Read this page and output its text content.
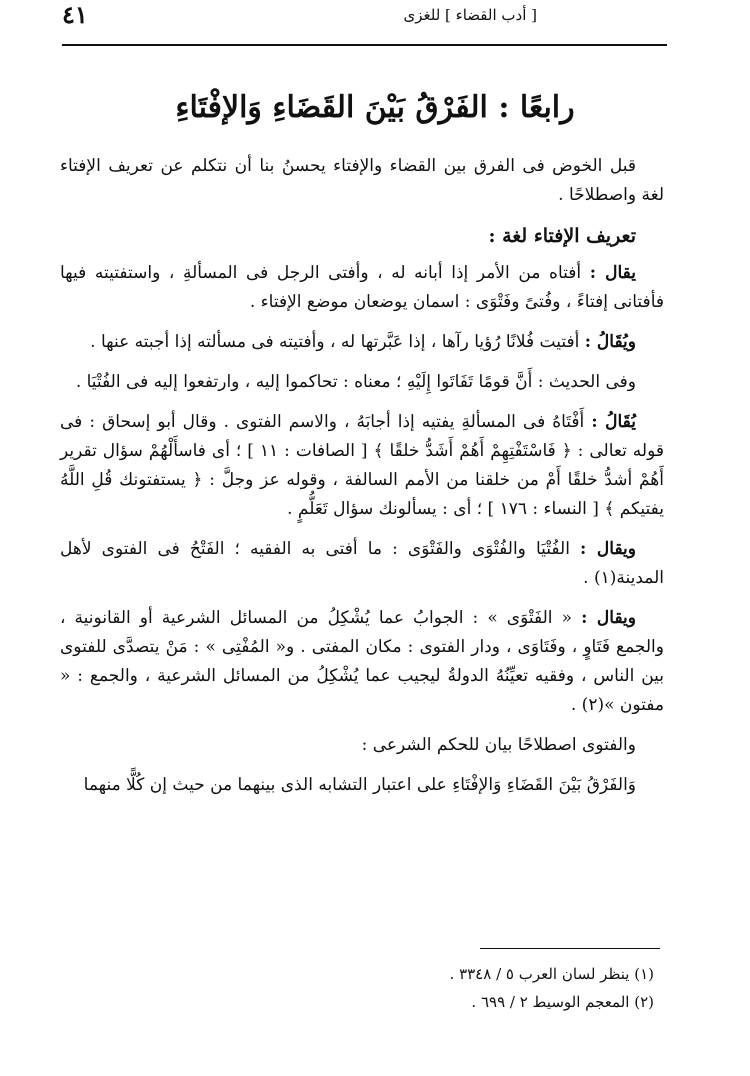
٤١	[ أدب القضاء ] للغزى
رابعًا : الفَرْقُ بَيْنَ القَضَاءِ وَالإفْتَاءِ

قبل الخوض فى الفرق بين القضاء والإفتاء يحسنُ بنا أن نتكلم عن تعريف الإفتاء لغة واصطلاحًا .

تعريف الإفتاء لغة :

يقال : أفتاه من الأمر إذا أبانه له ، وأفتى الرجل فى المسألةِ ، واستفتيته فيها فأفتانى إفتاءً ، وفُتىً وفَتْوَى : اسمان يوضعان موضع الإفتاء .

ويُقَالُ : أفتيت فُلانًا رُؤيا رآها ، إذا عَبَّرتها له ، وأفتيته فى مسألته إذا أجبته عنها .

وفى الحديث : أَنَّ قومًا تَفَاتَوا إِلَيْهِ ؛ معناه : تحاكموا إليه ، وارتفعوا إليه فى الفُتْيَا .

يُقَالُ : أَفْتَاهُ فى المسألةِ يفتيه إذا أجابَهُ ، والاسم الفتوى . وقال أبو إسحاق : فى قوله تعالى : ﴿ فَاسْتَفْتِهِمْ أَهُمْ أَشَدُّ خلقًا ﴾ [ الصافات : ١١ ] ؛ أى فاسأَلْهُمْ سؤال تقرير أَهُمْ أشدُّ خلقًا أَمْ من خلقنا من الأمم السالفة ، وقوله عز وجلَّ : ﴿ يستفتونك قُلِ اللَّهُ يفتيكم ﴾ [ النساء : ١٧٦ ] ؛ أى : يسألونك سؤال تَعَلُّمٍ .

ويقال : الفُتْيَا والفُتْوَى والفَتْوَى : ما أفتى به الفقيه ؛ الفَتْحُ فى الفتوى لأهل المدينة(١) .

ويقال : « الفَتْوَى » : الجوابُ عما يُشْكِلُ من المسائل الشرعية أو القانونية ، والجمع فَتَاوٍ ، وفَتَاوَى ، ودار الفتوى : مكان المفتى . و« المُفْتِى » : مَنْ يتصدَّى للفتوى بين الناس ، وفقيه تعيِّنُهُ الدولةُ ليجيب عما يُشْكِلُ من المسائل الشرعية ، والجمع : « مفتون »(٢) .

والفتوى اصطلاحًا بيان للحكم الشرعى :

وَالفَرْقُ بَيْنَ القَضَاءِ وَالإفْتَاءِ على اعتبار التشابه الذى بينهما من حيث إن كُلًّا منهما

(١) ينظر لسان العرب ٥ / ٣٣٤٨ .
(٢) المعجم الوسيط ٢ / ٦٩٩ .
